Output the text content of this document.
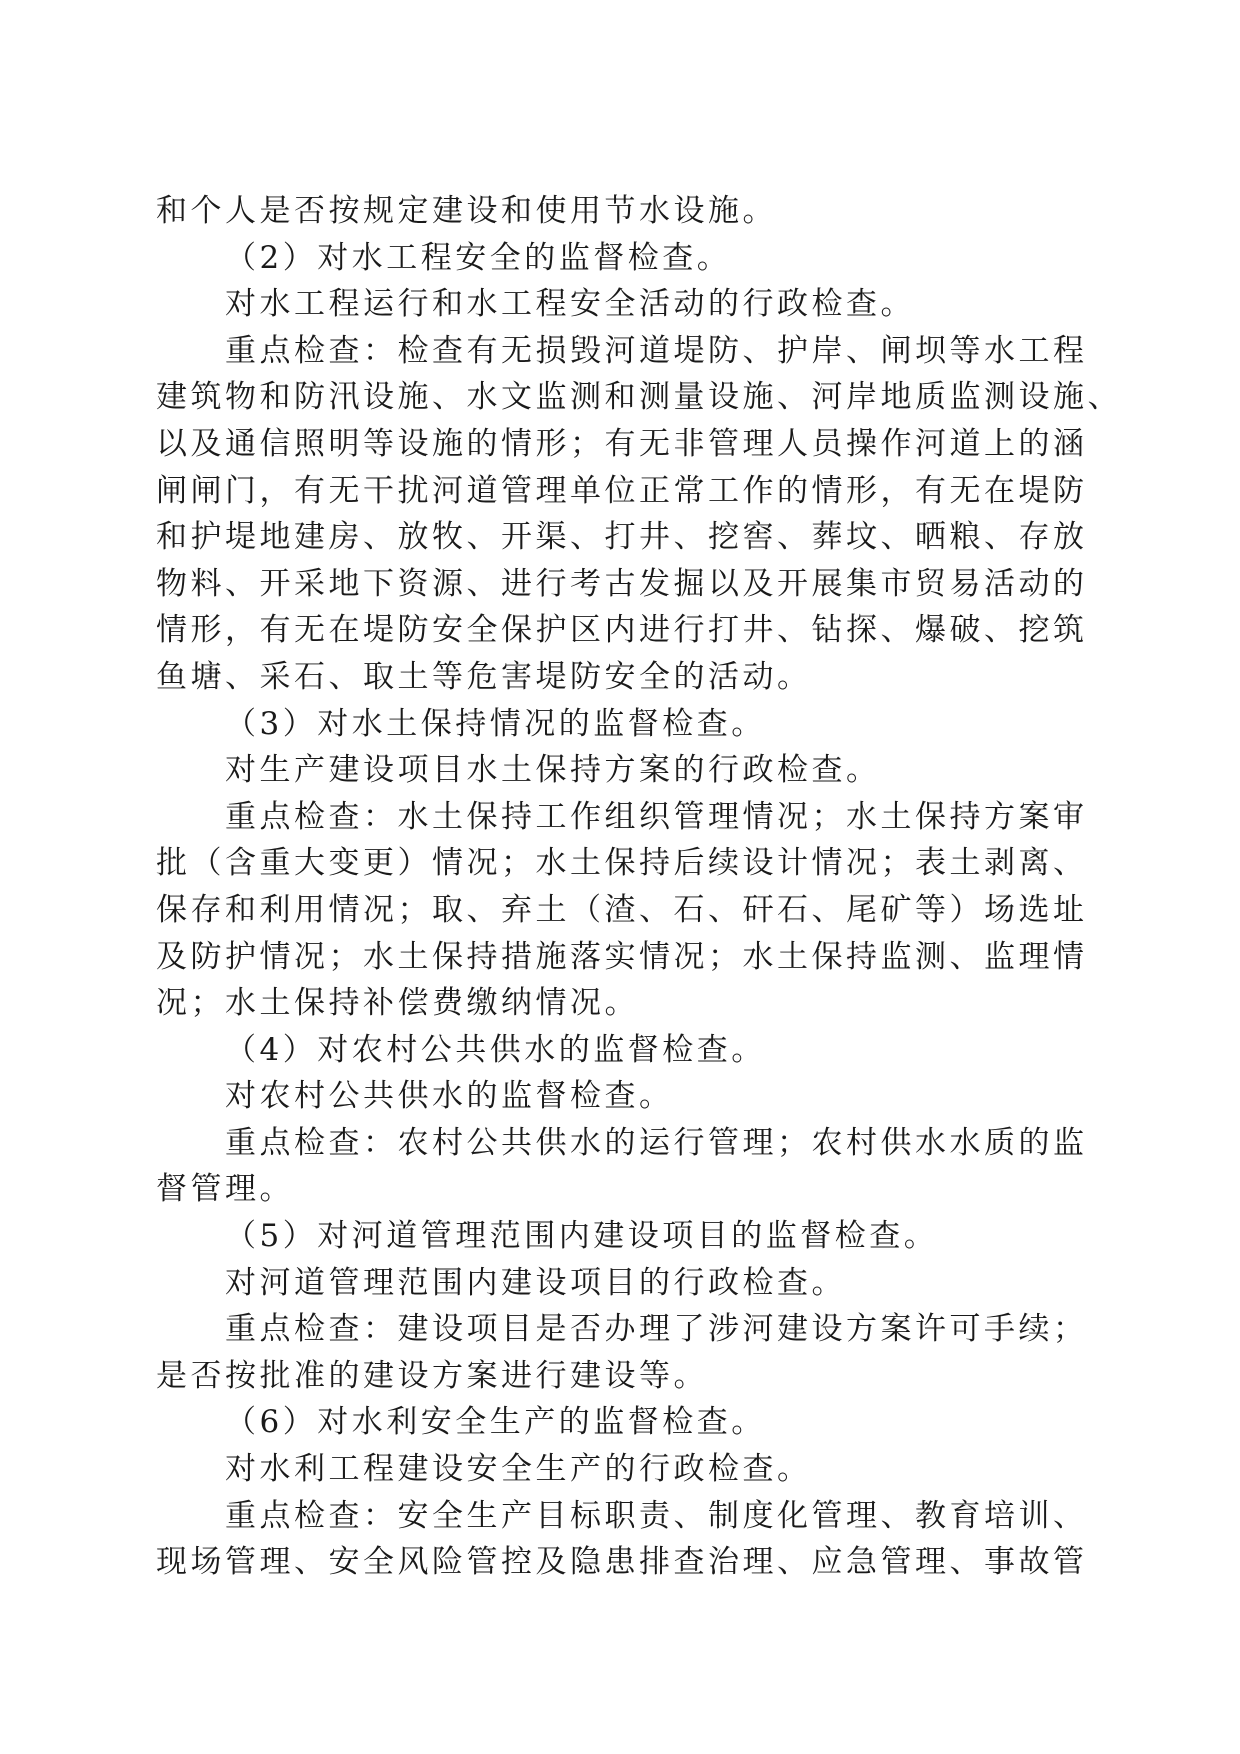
和个人是否按规定建设和使用节水设施。
（2）对水工程安全的监督检查。
对水工程运行和水工程安全活动的行政检查。
重点检查：检查有无损毁河道堤防、护岸、闸坝等水工程
建筑物和防汛设施、水文监测和测量设施、河岸地质监测设施、
以及通信照明等设施的情形；有无非管理人员操作河道上的涵
闸闸门，有无干扰河道管理单位正常工作的情形，有无在堤防
和护堤地建房、放牧、开渠、打井、挖窖、葬坟、晒粮、存放
物料、开采地下资源、进行考古发掘以及开展集市贸易活动的
情形，有无在堤防安全保护区内进行打井、钻探、爆破、挖筑
鱼塘、采石、取土等危害堤防安全的活动。
（3）对水土保持情况的监督检查。
对生产建设项目水土保持方案的行政检查。
重点检查：水土保持工作组织管理情况；水土保持方案审
批（含重大变更）情况；水土保持后续设计情况；表土剥离、
保存和利用情况；取、弃土（渣、石、矸石、尾矿等）场选址
及防护情况；水土保持措施落实情况；水土保持监测、监理情
况；水土保持补偿费缴纳情况。
（4）对农村公共供水的监督检查。
对农村公共供水的监督检查。
重点检查：农村公共供水的运行管理；农村供水水质的监
督管理。
（5）对河道管理范围内建设项目的监督检查。
对河道管理范围内建设项目的行政检查。
重点检查：建设项目是否办理了涉河建设方案许可手续；
是否按批准的建设方案进行建设等。
（6）对水利安全生产的监督检查。
对水利工程建设安全生产的行政检查。
重点检查：安全生产目标职责、制度化管理、教育培训、
现场管理、安全风险管控及隐患排查治理、应急管理、事故管
